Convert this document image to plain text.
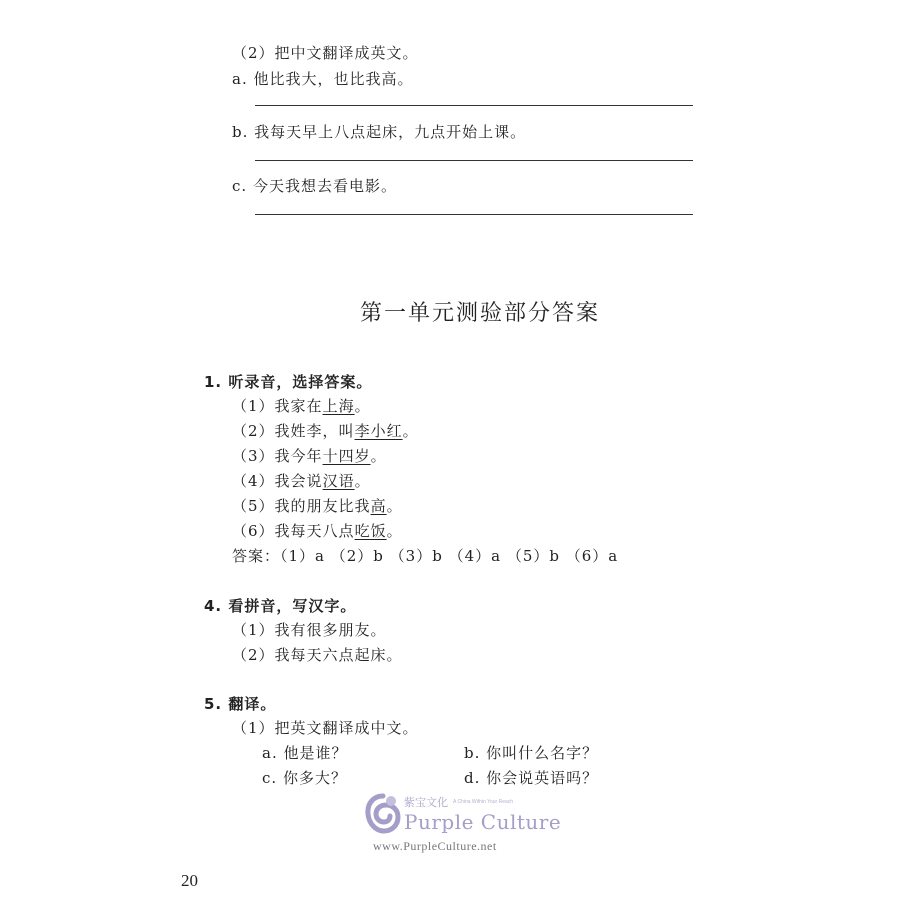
（2）把中文翻译成英文。
a. 他比我大，也比我高。
b. 我每天早上八点起床，九点开始上课。
c. 今天我想去看电影。
第一单元测验部分答案
1. 听录音，选择答案。
（1）我家在上海。
（2）我姓李，叫李小红。
（3）我今年十四岁。
（4）我会说汉语。
（5）我的朋友比我高。
（6）我每天八点吃饭。
答案：（1）a （2）b （3）b （4）a （5）b （6）a
4. 看拼音，写汉字。
（1）我有很多朋友。
（2）我每天六点起床。
5. 翻译。
（1）把英文翻译成中文。
a. 他是谁？	b. 你叫什么名字？
c. 你多大？	d. 你会说英语吗？
紫宝文化 A China Within Your Reach
Purple Culture
www.PurpleCulture.net
20
